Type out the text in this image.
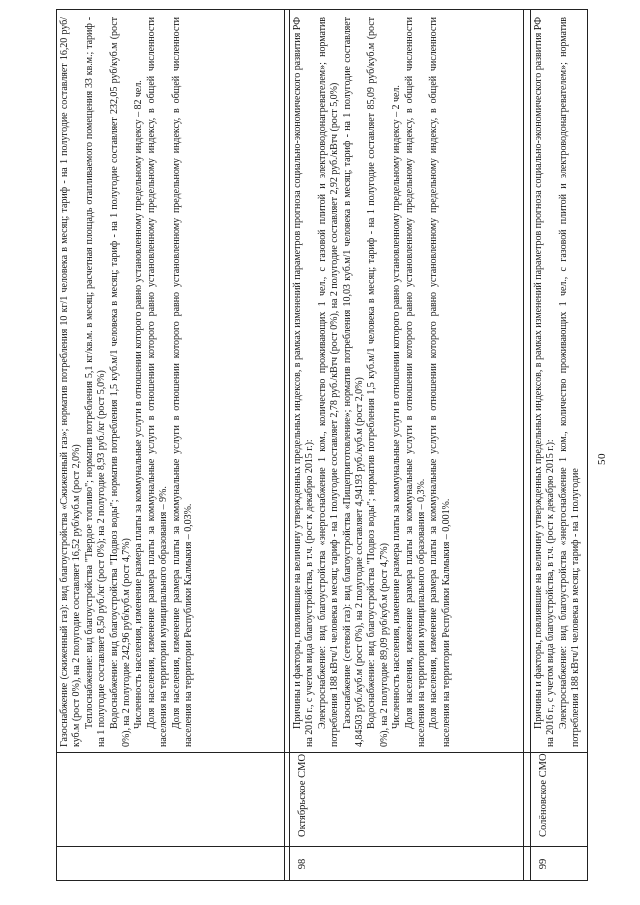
50

Газоснабжение (сжиженный газ): вид благоустройства «Сжиженный газ»; норматив потребления 10 кг/1 человека в месяц; тариф - на 1 полугодие составляет 16,20 руб/куб.м (рост 0%), на 2 полугодие составляет 16,52 руб/куб.м (рост 2,0%) Теплоснабжение: вид благоустройства "Твердое топливо"; норматив потребления 5,1 кг/кв.м. в месяц; расчетная площадь отапливаемого помещения 33 кв.м.; тариф - на 1 полугодие составляет 8,50 руб./кг (рост 0%); на 2 полугодие 8,93 руб./кг (рост 5,0%) Водоснабжение: вид благоустройства "Подвоз воды"; норматив потребления 1,5 куб.м/1 человека в месяц; тариф - на 1 полугодие составляет 232,05 руб/куб.м (рост 0%), на 2 полугодие 242,96 руб/куб.м (рост 4,7%) Численность населения, изменение размера платы за коммунальные услуги в отношении которого равно установленному предельному индексу – 82 чел. Доля населения, изменение размера платы за коммунальные услуги в отношении которого равно установленному предельному индексу, в общей численности населения на территории муниципального образования – 9%. Доля населения, изменение размера платы за коммунальные услуги в отношении которого равно установленному предельному индексу, в общей численности населения на территории Республики Калмыкия – 0,03%.

98
Октябрьское СМО

Причины и факторы, повлиявшие на величину утвержденных предельных индексов, в рамках изменений параметров прогноза социально-экономического развития РФ на 2016 г., с учетом вида благоустройства, в т.ч. (рост к декабрю 2015 г.): Электроснабжение: вид благоустройства «энергоснабжение 1 ком., количество проживающих 1 чел., с газовой плитой и электроводонагревателем»; норматив потребления 188 кВтч/1 человека в месяц; тариф - на 1 полугодие составляет 2,78 руб./кВтч (рост 0%), на 2 полугодие составляет 2,92 руб./кВтч (рост 5,0%) Газоснабжение (сетевой газ): вид благоустройства «Пищеприготовление»; норматив потребления 10,03 куб.м/1 человека в месяц; тариф - на 1 полугодие составляет 4,84503 руб./куб.м (рост 0%), на 2 полугодие составляет 4,94193 руб./куб.м (рост 2,0%) Водоснабжение: вид благоустройства "Подвоз воды"; норматив потребления 1,5 куб.м/1 человека в месяц; тариф - на 1 полугодие составляет 85,09 руб/куб.м (рост 0%), на 2 полугодие 89,09 руб/куб.м (рост 4,7%) Численность населения, изменение размера платы за коммунальные услуги в отношении которого равно установленному предельному индексу – 2 чел. Доля населения, изменение размера платы за коммунальные услуги в отношении которого равно установленному предельному индексу, в общей численности населения на территории муниципального образования – 0,3%. Доля населения, изменение размера платы за коммунальные услуги в отношении которого равно установленному предельному индексу, в общей численности населения на территории Республики Калмыкия – 0,001%.

99
Солёновское СМО

Причины и факторы, повлиявшие на величину утвержденных предельных индексов, в рамках изменений параметров прогноза социально-экономического развития РФ на 2016 г., с учетом вида благоустройства, в т.ч. (рост к декабрю 2015 г.): Электроснабжение: вид благоустройства «энергоснабжение 1 ком., количество проживающих 1 чел., с газовой плитой и электроводонагревателем»; норматив потребления 188 кВтч/1 человека в месяц; тариф - на 1 полугодие
